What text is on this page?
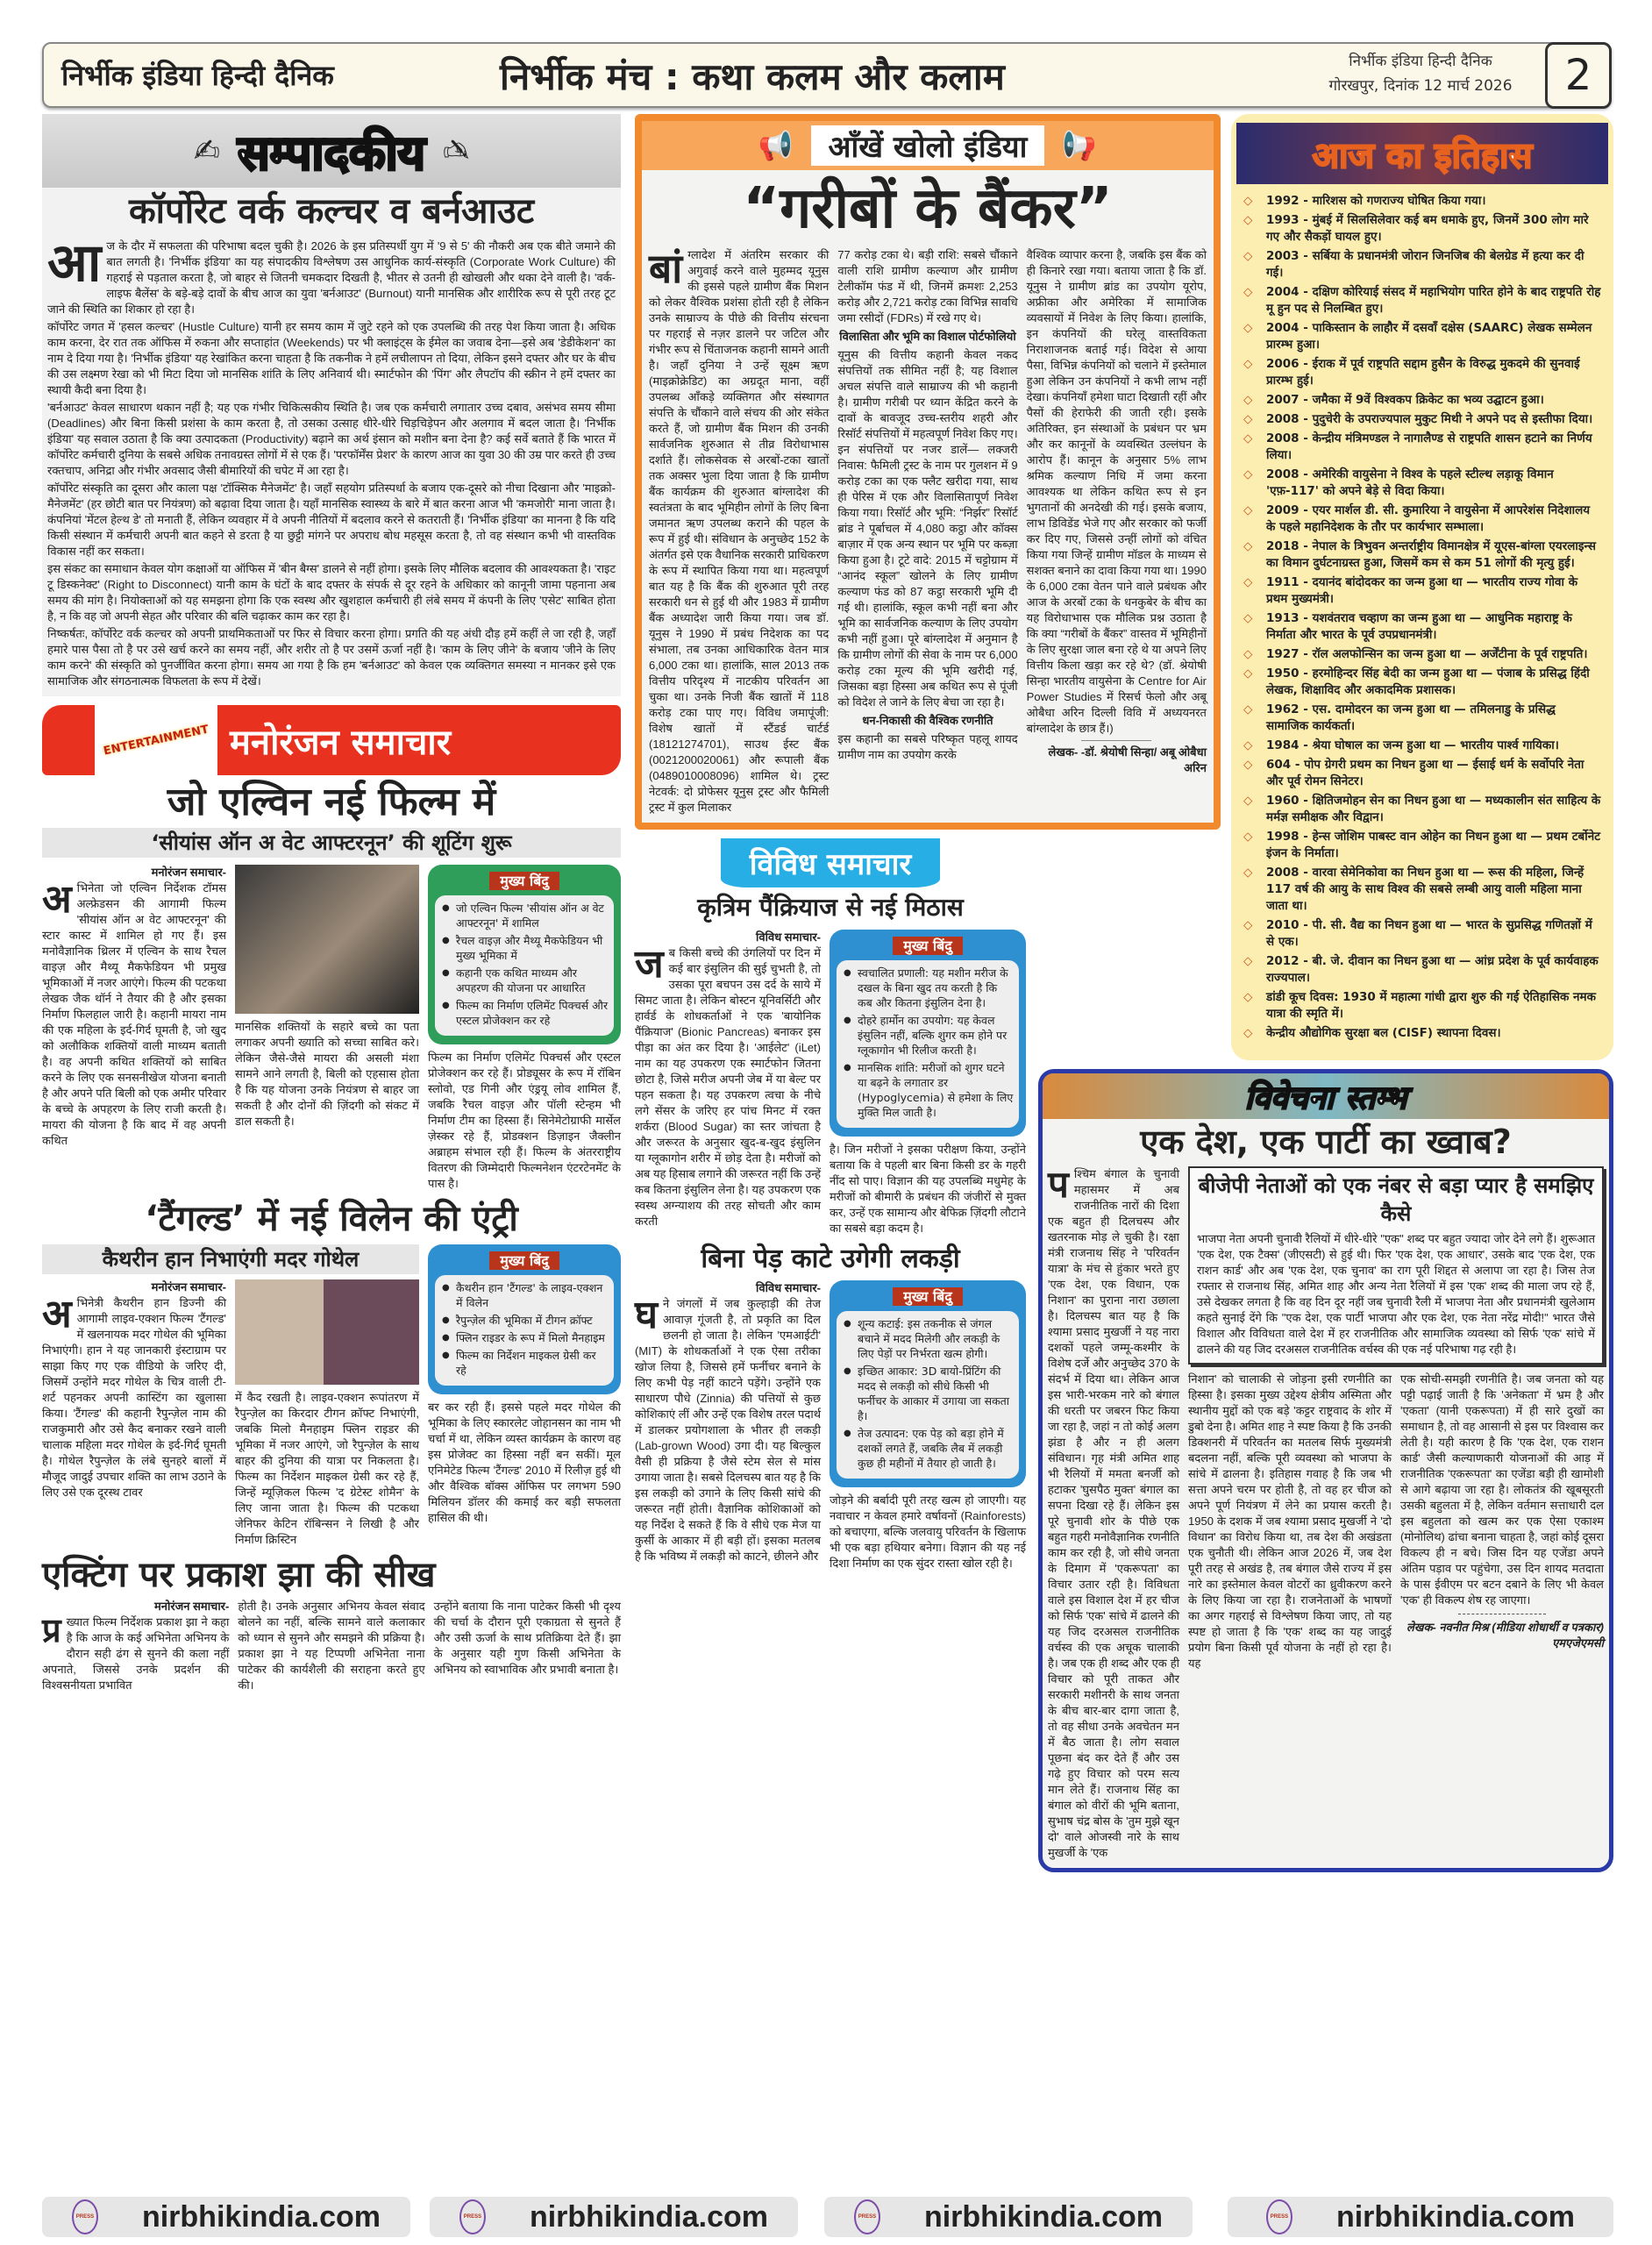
निर्भीक इंडिया हिन्दी दैनिक	निर्भीक मंच : कथा कलम और कलाम	निर्भीक इंडिया हिन्दी दैनिक
गोरखपुर, दिनांक 12 मार्च 2026	2
✍ सम्पादकीय ✍
कॉर्पोरेट वर्क कल्चर व बर्नआउट
आ ज के दौर में सफलता की परिभाषा बदल चुकी है। 2026 के इस प्रतिस्पर्धी युग में '9 से 5' की नौकरी अब एक बीते जमाने की बात लगती है। 'निर्भीक इंडिया' का यह संपादकीय विश्लेषण उस आधुनिक कार्य-संस्कृति (Corporate Work Culture) की गहराई से पड़ताल करता है, जो बाहर से जितनी चमकदार दिखती है, भीतर से उतनी ही खोखली और थका देने वाली है। 'वर्क-लाइफ बैलेंस' के बड़े-बड़े दावों के बीच आज का युवा 'बर्नआउट' (Burnout) यानी मानसिक और शारीरिक रूप से पूरी तरह टूट जाने की स्थिति का शिकार हो रहा है।

कॉर्पोरेट जगत में 'हसल कल्चर' (Hustle Culture) यानी हर समय काम में जुटे रहने को एक उपलब्धि की तरह पेश किया जाता है। अधिक काम करना, देर रात तक ऑफिस में रुकना और सप्ताहांत (Weekends) पर भी क्लाइंट्स के ईमेल का जवाब देना—इसे अब 'डेडीकेशन' का नाम दे दिया गया है। 'निर्भीक इंडिया' यह रेखांकित करना चाहता है कि तकनीक ने हमें लचीलापन तो दिया, लेकिन इसने दफ्तर और घर के बीच की उस लक्ष्मण रेखा को भी मिटा दिया जो मानसिक शांति के लिए अनिवार्य थी। स्मार्टफोन की 'पिंग' और लैपटॉप की स्क्रीन ने हमें दफ्तर का स्थायी कैदी बना दिया है।

'बर्नआउट' केवल साधारण थकान नहीं है; यह एक गंभीर चिकित्सकीय स्थिति है। जब एक कर्मचारी लगातार उच्च दबाव, असंभव समय सीमा (Deadlines) और बिना किसी प्रशंसा के काम करता है, तो उसका उत्साह धीरे-धीरे चिड़चिड़ेपन और अलगाव में बदल जाता है। 'निर्भीक इंडिया' यह सवाल उठाता है कि क्या उत्पादकता (Productivity) बढ़ाने का अर्थ इंसान को मशीन बना देना है? कई सर्वे बताते हैं कि भारत में कॉर्पोरेट कर्मचारी दुनिया के सबसे अधिक तनावग्रस्त लोगों में से एक हैं। 'परफॉर्मेंस प्रेशर' के कारण आज का युवा 30 की उम्र पार करते ही उच्च रक्तचाप, अनिद्रा और गंभीर अवसाद जैसी बीमारियों की चपेट में आ रहा है।

कॉर्पोरेट संस्कृति का दूसरा और काला पक्ष 'टॉक्सिक मैनेजमेंट' है। जहाँ सहयोग प्रतिस्पर्धा के बजाय एक-दूसरे को नीचा दिखाना और 'माइक्रो-मैनेजमेंट' (हर छोटी बात पर नियंत्रण) को बढ़ावा दिया जाता है। यहाँ मानसिक स्वास्थ्य के बारे में बात करना आज भी 'कमजोरी' माना जाता है। कंपनियां 'मेंटल हेल्थ डे' तो मनाती हैं, लेकिन व्यवहार में वे अपनी नीतियों में बदलाव करने से कतराती हैं। 'निर्भीक इंडिया' का मानना है कि यदि किसी संस्थान में कर्मचारी अपनी बात कहने से डरता है या छुट्टी मांगने पर अपराध बोध महसूस करता है, तो वह संस्थान कभी भी वास्तविक विकास नहीं कर सकता।

इस संकट का समाधान केवल योग कक्षाओं या ऑफिस में 'बीन बैग्स' डालने से नहीं होगा। इसके लिए मौलिक बदलाव की आवश्यकता है। 'राइट टू डिस्कनेक्ट' (Right to Disconnect) यानी काम के घंटों के बाद दफ्तर के संपर्क से दूर रहने के अधिकार को कानूनी जामा पहनाना अब समय की मांग है। नियोक्ताओं को यह समझना होगा कि एक स्वस्थ और खुशहाल कर्मचारी ही लंबे समय में कंपनी के लिए 'एसेट' साबित होता है, न कि वह जो अपनी सेहत और परिवार की बलि चढ़ाकर काम कर रहा है।

निष्कर्षतः, कॉर्पोरेट वर्क कल्चर को अपनी प्राथमिकताओं पर फिर से विचार करना होगा। प्रगति की यह अंधी दौड़ हमें कहीं ले जा रही है, जहाँ हमारे पास पैसा तो है पर उसे खर्च करने का समय नहीं, और शरीर तो है पर उसमें ऊर्जा नहीं है। 'काम के लिए जीने' के बजाय 'जीने के लिए काम करने' की संस्कृति को पुनर्जीवित करना होगा। समय आ गया है कि हम 'बर्नआउट' को केवल एक व्यक्तिगत समस्या न मानकर इसे एक सामाजिक और संगठनात्मक विफलता के रूप में देखें।

📢	आँखें खोलो इंडिया	📢
“गरीबों के बैंकर”
बां ग्लादेश में अंतरिम सरकार की अगुवाई करने वाले मुहम्मद यूनुस की इससे पहले ग्रामीण बैंक मिशन को लेकर वैश्विक प्रशंसा होती रही है लेकिन उनके साम्राज्य के पीछे की वित्तीय संरचना पर गहराई से नज़र डालने पर जटिल और गंभीर रूप से चिंताजनक कहानी सामने आती है। जहाँ दुनिया ने उन्हें सूक्ष्म ऋण (माइक्रोक्रेडिट) का अग्रदूत माना, वहीं उपलब्ध आँकड़े व्यक्तिगत और संस्थागत संपत्ति के चौंकाने वाले संचय की ओर संकेत करते हैं, जो ग्रामीण बैंक मिशन की उनकी सार्वजनिक शुरुआत से तीव्र विरोधाभास दर्शाते हैं। लोकसेवक से अरबों-टका खातों तक अक्सर भुला दिया जाता है कि ग्रामीण बैंक कार्यक्रम की शुरुआत बांग्लादेश की स्वतंत्रता के बाद भूमिहीन लोगों के लिए बिना जमानत ऋण उपलब्ध कराने की पहल के रूप में हुई थी। संविधान के अनुच्छेद 152 के अंतर्गत इसे एक वैधानिक सरकारी प्राधिकरण के रूप में स्थापित किया गया था। महत्वपूर्ण बात यह है कि बैंक की शुरुआत पूरी तरह सरकारी धन से हुई थी और 1983 में ग्रामीण बैंक अध्यादेश जारी किया गया। जब डॉ. यूनुस ने 1990 में प्रबंध निदेशक का पद संभाला, तब उनका आधिकारिक वेतन मात्र 6,000 टका था। हालांकि, साल 2013 तक वित्तीय परिदृश्य में नाटकीय परिवर्तन आ चुका था। उनके निजी बैंक खातों में 118 करोड़ टका पाए गए। विविध जमापूंजी: विशेष खातों में स्टैंडर्ड चार्टर्ड (18121274701), साउथ ईस्ट बैंक (0021200020061) और रूपाली बैंक (0489010008096) शामिल थे। ट्रस्ट नेटवर्क: दो प्रोफेसर यूनुस ट्रस्ट और फैमिली ट्रस्ट में कुल मिलाकर

77 करोड़ टका थे। बड़ी राशि: सबसे चौंकाने वाली राशि ग्रामीण कल्याण और ग्रामीण टेलीकॉम फंड में थी, जिनमें क्रमशः 2,253 करोड़ और 2,721 करोड़ टका विभिन्न सावधि जमा रसीदों (FDRs) में रखे गए थे।

विलासिता और भूमि का विशाल पोर्टफोलियो

यूनुस की वित्तीय कहानी केवल नकद संपत्तियों तक सीमित नहीं है; यह विशाल अचल संपत्ति वाले साम्राज्य की भी कहानी है। ग्रामीण गरीबी पर ध्यान केंद्रित करने के दावों के बावजूद उच्च-स्तरीय शहरी और रिसॉर्ट संपत्तियों में महत्वपूर्ण निवेश किए गए। इन संपत्तियों पर नजर डालें— लक्जरी निवास: फैमिली ट्रस्ट के नाम पर गुलशन में 9 करोड़ टका का एक फ्लैट खरीदा गया, साथ ही पेरिस में एक और विलासितापूर्ण निवेश किया गया। रिसॉर्ट और भूमि: “निर्झर” रिसॉर्ट ब्रांड ने पूर्बाचल में 4,080 कट्ठा और कॉक्स बाज़ार में एक अन्य स्थान पर भूमि पर कब्ज़ा किया हुआ है। टूटे वादे: 2015 में चट्टोग्राम में “आनंद स्कूल” खोलने के लिए ग्रामीण कल्याण फंड को 87 कट्ठा सरकारी भूमि दी गई थी। हालांकि, स्कूल कभी नहीं बना और भूमि का सार्वजनिक कल्याण के लिए उपयोग कभी नहीं हुआ। पूरे बांग्लादेश में अनुमान है कि ग्रामीण लोगों की सेवा के नाम पर 6,000 करोड़ टका मूल्य की भूमि खरीदी गई, जिसका बड़ा हिस्सा अब कथित रूप से पूंजी को विदेश ले जाने के लिए बेचा जा रहा है।

धन-निकासी की वैश्विक रणनीति

इस कहानी का सबसे परिष्कृत पहलू शायद ग्रामीण नाम का उपयोग करके

वैश्विक व्यापार करना है, जबकि इस बैंक को ही किनारे रखा गया। बताया जाता है कि डॉ. यूनुस ने ग्रामीण ब्रांड का उपयोग यूरोप, अफ्रीका और अमेरिका में सामाजिक व्यवसायों में निवेश के लिए किया। हालांकि, इन कंपनियों की घरेलू वास्तविकता निराशाजनक बताई गई। विदेश से आया पैसा, विभिन्न कंपनियों को चलाने में इस्तेमाल हुआ लेकिन उन कंपनियों ने कभी लाभ नहीं देखा। कंपनियाँ हमेशा घाटा दिखाती रहीं और पैसों की हेराफेरी की जाती रही। इसके अतिरिक्त, इन संस्थाओं के प्रबंधन पर भ्रम और कर कानूनों के व्यवस्थित उल्लंघन के आरोप हैं। कानून के अनुसार 5% लाभ श्रमिक कल्याण निधि में जमा करना आवश्यक था लेकिन कथित रूप से इन भुगतानों की अनदेखी की गई। इसके बजाय, लाभ डिविडेंड भेजे गए और सरकार को फर्जी कर दिए गए, जिससे उन्हीं लोगों को वंचित किया गया जिन्हें ग्रामीण मॉडल के माध्यम से सशक्त बनाने का दावा किया गया था। 1990 के 6,000 टका वेतन पाने वाले प्रबंधक और आज के अरबों टका के धनकुबेर के बीच का यह विरोधाभास एक मौलिक प्रश्न उठाता है कि क्या “गरीबों के बैंकर” वास्तव में भूमिहीनों के लिए सुरक्षा जाल बना रहे थे या अपने लिए वित्तीय किला खड़ा कर रहे थे? (डॉ. श्रेयोषी सिन्हा भारतीय वायुसेना के Centre for Air Power Studies में रिसर्च फेलो और अबू ओबैधा अरिन दिल्ली विवि में अध्ययनरत बांग्लादेश के छात्र हैं।)

लेखक- -डॉ. श्रेयोषी सिन्हा/ अबू ओबैधा अरिन
आज का इतिहास
◇ 1992 - मारिशस को गणराज्य घोषित किया गया।
◇ 1993 - मुंबई में सिलसिलेवार कई बम धमाके हुए, जिनमें 300 लोग मारे गए और सैकड़ों घायल हुए।
◇ 2003 - सर्बिया के प्रधानमंत्री जोरान जिनजिब की बेलग्रेड में हत्या कर दी गई।
◇ 2004 - दक्षिण कोरियाई संसद में महाभियोग पारित होने के बाद राष्ट्रपति रोह मू हुन पद से निलम्बित हुए।
◇ 2004 - पाकिस्तान के लाहौर में दसवाँ दक्षेस (SAARC) लेखक सम्मेलन प्रारम्भ हुआ।
◇ 2006 - ईराक में पूर्व राष्ट्रपति सद्दाम हुसैन के विरुद्ध मुकदमे की सुनवाई प्रारम्भ हुई।
◇ 2007 - जमैका में 9वें विश्वकप क्रिकेट का भव्य उद्घाटन हुआ।
◇ 2008 - पुदुचेरी के उपराज्यपाल मुकुट मिथी ने अपने पद से इस्तीफा दिया।
◇ 2008 - केन्द्रीय मंत्रिमण्डल ने नागालैण्ड से राष्ट्रपति शासन हटाने का निर्णय लिया।
◇ 2008 - अमेरिकी वायुसेना ने विश्व के पहले स्टील्थ लड़ाकू विमान 'एफ़-117' को अपने बेड़े से विदा किया।
◇ 2009 - एयर मार्शल डी. सी. कुमारिया ने वायुसेना में आपरेशंस निदेशालय के पहले महानिदेशक के तौर पर कार्यभार सम्भाला।
◇ 2018 - नेपाल के त्रिभुवन अन्तर्राष्ट्रीय विमानक्षेत्र में यूएस-बांग्ला एयरलाइन्स का विमान दुर्घटनाग्रस्त हुआ, जिसमें कम से कम 51 लोगों की मृत्यु हुई।
◇ 1911 - दयानंद बांदोदकर का जन्म हुआ था — भारतीय राज्य गोवा के प्रथम मुख्यमंत्री।
◇ 1913 - यशवंतराव चव्हाण का जन्म हुआ था — आधुनिक महाराष्ट्र के निर्माता और भारत के पूर्व उपप्रधानमंत्री।
◇ 1927 - रॉल अलफोन्सिन का जन्म हुआ था — अर्जेंटीना के पूर्व राष्ट्रपति।
◇ 1950 - हरमोहिन्दर सिंह बेदी का जन्म हुआ था — पंजाब के प्रसिद्ध हिंदी लेखक, शिक्षाविद और अकादमिक प्रशासक।
◇ 1962 - एस. दामोदरन का जन्म हुआ था — तमिलनाडु के प्रसिद्ध सामाजिक कार्यकर्ता।
◇ 1984 - श्रेया घोषाल का जन्म हुआ था — भारतीय पार्श्व गायिका।
◇ 604 - पोप ग्रेगरी प्रथम का निधन हुआ था — ईसाई धर्म के सर्वोपरि नेता और पूर्व रोमन सिनेटर।
◇ 1960 - क्षितिजमोहन सेन का निधन हुआ था — मध्यकालीन संत साहित्य के मर्मज्ञ समीक्षक और विद्वान।
◇ 1998 - हेन्स जोशिम पाबस्ट वान ओहेन का निधन हुआ था — प्रथम टर्बोनेट इंजन के निर्माता।
◇ 2008 - वारवा सेमेनिकोवा का निधन हुआ था — रूस की महिला, जिन्हें 117 वर्ष की आयु के साथ विश्व की सबसे लम्बी आयु वाली महिला माना जाता था।
◇ 2010 - पी. सी. वैद्य का निधन हुआ था — भारत के सुप्रसिद्ध गणितज्ञों में से एक।
◇ 2012 - बी. जे. दीवान का निधन हुआ था — आंध्र प्रदेश के पूर्व कार्यवाहक राज्यपाल।
◇ डांडी कूच दिवस: 1930 में महात्मा गांधी द्वारा शुरु की गई ऐतिहासिक नमक यात्रा की स्मृति में।
◇ केन्द्रीय औद्योगिक सुरक्षा बल (CISF) स्थापना दिवस।
ENTERTAINMENT मनोरंजन समाचार
जो एल्विन नई फिल्म में
‘सीयांस ऑन अ वेट आफ्टरनून’ की शूटिंग शुरू
मनोरंजन समाचार-
अ भिनेता जो एल्विन निर्देशक टॉमस अल्फ्रेडसन की आगामी फिल्म 'सीयांस ऑन अ वेट आफ्टरनून' की स्टार कास्ट में शामिल हो गए हैं। इस मनोवैज्ञानिक थ्रिलर में एल्विन के साथ रैचल वाइज़ और मैथ्यू मैकफेडियन भी प्रमुख भूमिकाओं में नजर आएंगे। फिल्म की पटकथा लेखक जैक थॉर्न ने तैयार की है और इसका निर्माण फिलहाल जारी है। कहानी मायरा नाम की एक महिला के इर्द-गिर्द घूमती है, जो खुद को अलौकिक शक्तियों वाली माध्यम बताती है। वह अपनी कथित शक्तियों को साबित करने के लिए एक सनसनीखेज योजना बनाती है और अपने पति बिली को एक अमीर परिवार के बच्चे के अपहरण के लिए राजी करती है। मायरा की योजना है कि बाद में वह अपनी कथित
मानसिक शक्तियों के सहारे बच्चे का पता लगाकर अपनी ख्याति को सच्चा साबित करे। लेकिन जैसे-जैसे मायरा की असली मंशा सामने आने लगती है, बिली को एहसास होता है कि यह योजना उनके नियंत्रण से बाहर जा सकती है और दोनों की ज़िंदगी को संकट में डाल सकती है।
मुख्य बिंदु
● जो एल्विन फिल्म 'सीयांस ऑन अ वेट आफ्टरनून' में शामिल
● रैचल वाइज़ और मैथ्यू मैकफेडियन भी मुख्य भूमिका में
● कहानी एक कथित माध्यम और अपहरण की योजना पर आधारित
● फिल्म का निर्माण एलिमेंट पिक्चर्स और एस्टल प्रोजेक्शन कर रहे
फिल्म का निर्माण एलिमेंट पिक्चर्स और एस्टल प्रोजेक्शन कर रहे हैं। प्रोड्यूसर के रूप में रॉबिन स्लोवो, एड गिनी और एंड्रयू लोव शामिल हैं, जबकि रैचल वाइज़ और पॉली स्टेन्हम भी निर्माण टीम का हिस्सा हैं। सिनेमेटोग्राफी मार्सेल ज़ेस्कर रहे हैं, प्रोडक्शन डिज़ाइन जैक्लीन अब्राहम संभाल रही हैं। फिल्म के अंतरराष्ट्रीय वितरण की जिम्मेदारी फिल्मनेशन एंटरटेनमेंट के पास है।
‘टैंगल्ड’ में नई विलेन की एंट्री
कैथरीन हान निभाएंगी मदर गोथेल
मनोरंजन समाचार-
अ भिनेत्री कैथरीन हान डिज्नी की आगामी लाइव-एक्शन फिल्म 'टैंगल्ड' में खलनायक मदर गोथेल की भूमिका निभाएंगी। हान ने यह जानकारी इंस्टाग्राम पर साझा किए गए एक वीडियो के जरिए दी, जिसमें उन्होंने मदर गोथेल के चित्र वाली टी-शर्ट पहनकर अपनी कास्टिंग का खुलासा किया। 'टैंगल्ड' की कहानी रैपुन्ज़ेल नाम की राजकुमारी और उसे कैद बनाकर रखने वाली चालाक महिला मदर गोथेल के इर्द-गिर्द घूमती है। गोथेल रैपुन्ज़ेल के लंबे सुनहरे बालों में मौजूद जादुई उपचार शक्ति का लाभ उठाने के लिए उसे एक दूरस्थ टावर
में कैद रखती है। लाइव-एक्शन रूपांतरण में रैपुन्ज़ेल का किरदार टीगन क्रॉफ्ट निभाएंगी, जबकि मिलो मैनहाइम फ्लिन राइडर की भूमिका में नजर आएंगे, जो रैपुन्ज़ेल के साथ बाहर की दुनिया की यात्रा पर निकलता है। फिल्म का निर्देशन माइकल ग्रेसी कर रहे हैं, जिन्हें म्यूज़िकल फिल्म 'द ग्रेटेस्ट शोमैन' के लिए जाना जाता है। फिल्म की पटकथा जेनिफर केटिन रॉबिन्सन ने लिखी है और निर्माण क्रिस्टिन
मुख्य बिंदु
● कैथरीन हान 'टैंगल्ड' के लाइव-एक्शन में विलेन
● रैपुन्ज़ेल की भूमिका में टीगन क्रॉफ्ट
● फ्लिन राइडर के रूप में मिलो मैनहाइम
● फिल्म का निर्देशन माइकल ग्रेसी कर रहे
बर कर रही हैं। इससे पहले मदर गोथेल की भूमिका के लिए स्कारलेट जोहानसन का नाम भी चर्चा में था, लेकिन व्यस्त कार्यक्रम के कारण वह इस प्रोजेक्ट का हिस्सा नहीं बन सकीं। मूल एनिमेटेड फिल्म 'टैंगल्ड' 2010 में रिलीज़ हुई थी और वैश्विक बॉक्स ऑफिस पर लगभग 590 मिलियन डॉलर की कमाई कर बड़ी सफलता हासिल की थी।
एक्टिंग पर प्रकाश झा की सीख
मनोरंजन समाचार-
प्र ख्यात फिल्म निर्देशक प्रकाश झा ने कहा है कि आज के कई अभिनेता अभिनय के दौरान सही ढंग से सुनने की कला नहीं अपनाते, जिससे उनके प्रदर्शन की विश्वसनीयता प्रभावित
होती है। उनके अनुसार अभिनय केवल संवाद बोलने का नहीं, बल्कि सामने वाले कलाकार को ध्यान से सुनने और समझने की प्रक्रिया है। प्रकाश झा ने यह टिप्पणी अभिनेता नाना पाटेकर की कार्यशैली की सराहना करते हुए की।
उन्होंने बताया कि नाना पाटेकर किसी भी दृश्य की चर्चा के दौरान पूरी एकाग्रता से सुनते हैं और उसी ऊर्जा के साथ प्रतिक्रिया देते हैं। झा के अनुसार यही गुण किसी अभिनेता के अभिनय को स्वाभाविक और प्रभावी बनाता है।
विविध समाचार
कृत्रिम पैंक्रियाज से नई मिठास
विविध समाचार-
ज ब किसी बच्चे की उंगलियों पर दिन में कई बार इंसुलिन की सुई चुभती है, तो उसका पूरा बचपन उस दर्द के साये में सिमट जाता है। लेकिन बोस्टन यूनिवर्सिटी और हार्वर्ड के शोधकर्ताओं ने एक 'बायोनिक पैंक्रियाज' (Bionic Pancreas) बनाकर इस पीड़ा का अंत कर दिया है। 'आईलेट' (iLet) नाम का यह उपकरण एक स्मार्टफोन जितना छोटा है, जिसे मरीज अपनी जेब में या बेल्ट पर पहन सकता है। यह उपकरण त्वचा के नीचे लगे सेंसर के जरिए हर पांच मिनट में रक्त शर्करा (Blood Sugar) का स्तर जांचता है और जरूरत के अनुसार खुद-ब-खुद इंसुलिन या ग्लूकागोन शरीर में छोड़ देता है। मरीजों को अब यह हिसाब लगाने की जरूरत नहीं कि उन्हें कब कितना इंसुलिन लेना है। यह उपकरण एक स्वस्थ अग्न्याशय की तरह सोचती और काम करती
मुख्य बिंदु
● स्वचालित प्रणाली: यह मशीन मरीज के दखल के बिना खुद तय करती है कि कब और कितना इंसुलिन देना है।
● दोहरे हार्मोन का उपयोग: यह केवल इंसुलिन नहीं, बल्कि शुगर कम होने पर ग्लूकागोन भी रिलीज करती है।
● मानसिक शांति: मरीजों को शुगर घटने या बढ़ने के लगातार डर (Hypoglycemia) से हमेशा के लिए मुक्ति मिल जाती है।
है। जिन मरीजों ने इसका परीक्षण किया, उन्होंने बताया कि वे पहली बार बिना किसी डर के गहरी नींद सो पाए। विज्ञान की यह उपलब्धि मधुमेह के मरीजों को बीमारी के प्रबंधन की जंजीरों से मुक्त कर, उन्हें एक सामान्य और बेफिक्र ज़िंदगी लौटाने का सबसे बड़ा कदम है।
बिना पेड़ काटे उगेगी लकड़ी
विविध समाचार-
घ ने जंगलों में जब कुल्हाड़ी की तेज आवाज़ गूंजती है, तो प्रकृति का दिल छलनी हो जाता है। लेकिन 'एमआईटी' (MIT) के शोधकर्ताओं ने एक ऐसा तरीका खोज लिया है, जिससे हमें फर्नीचर बनाने के लिए कभी पेड़ नहीं काटने पड़ेंगे। उन्होंने एक साधारण पौधे (Zinnia) की पत्तियों से कुछ कोशिकाएं लीं और उन्हें एक विशेष तरल पदार्थ में डालकर प्रयोगशाला के भीतर ही लकड़ी (Lab-grown Wood) उगा दी। यह बिल्कुल वैसी ही प्रक्रिया है जैसे स्टेम सेल से मांस उगाया जाता है। सबसे दिलचस्प बात यह है कि इस लकड़ी को उगाने के लिए किसी सांचे की जरूरत नहीं होती। वैज्ञानिक कोशिकाओं को यह निर्देश दे सकते हैं कि वे सीधे एक मेज या कुर्सी के आकार में ही बड़ी हों। इसका मतलब है कि भविष्य में लकड़ी को काटने, छीलने और
मुख्य बिंदु
● शून्य कटाई: इस तकनीक से जंगल बचाने में मदद मिलेगी और लकड़ी के लिए पेड़ों पर निर्भरता खत्म होगी।
● इच्छित आकार: 3D बायो-प्रिंटिंग की मदद से लकड़ी को सीधे किसी भी फर्नीचर के आकार में उगाया जा सकता है।
● तेज उत्पादन: एक पेड़ को बड़ा होने में दशकों लगते हैं, जबकि लैब में लकड़ी कुछ ही महीनों में तैयार हो जाती है।
जोड़ने की बर्बादी पूरी तरह खत्म हो जाएगी। यह नवाचार न केवल हमारे वर्षावनों (Rainforests) को बचाएगा, बल्कि जलवायु परिवर्तन के खिलाफ भी एक बड़ा हथियार बनेगा। विज्ञान की यह नई दिशा निर्माण का एक सुंदर रास्ता खोल रही है।
विवेचना स्तम्भ
एक देश, एक पार्टी का ख्वाब?
प श्चिम बंगाल के चुनावी महासमर में अब राजनीतिक नारों की दिशा एक बहुत ही दिलचस्प और खतरनाक मोड़ ले चुकी है। रक्षा मंत्री राजनाथ सिंह ने 'परिवर्तन यात्रा' के मंच से हुंकार भरते हुए 'एक देश, एक विधान, एक निशान' का पुराना नारा उछाला है। दिलचस्प बात यह है कि श्यामा प्रसाद मुखर्जी ने यह नारा दशकों पहले जम्मू-कश्मीर के विशेष दर्जे और अनुच्छेद 370 के संदर्भ में दिया था। लेकिन आज इस भारी-भरकम नारे को बंगाल की धरती पर जबरन फिट किया जा रहा है, जहां न तो कोई अलग झंडा है और न ही अलग संविधान। गृह मंत्री अमित शाह भी रैलियों में ममता बनर्जी को हटाकर 'घुसपैठ मुक्त' बंगाल का सपना दिखा रहे हैं। लेकिन इस पूरे चुनावी शोर के पीछे एक बहुत गहरी मनोवैज्ञानिक रणनीति काम कर रही है, जो सीधे जनता के दिमाग में 'एकरूपता' का विचार उतार रही है। विविधता वाले इस विशाल देश में हर चीज को सिर्फ 'एक' सांचे में ढालने की यह जिद दरअसल राजनीतिक वर्चस्व की एक अचूक चालाकी है। जब एक ही शब्द और एक ही विचार को पूरी ताकत और सरकारी मशीनरी के साथ जनता के बीच बार-बार दागा जाता है, तो वह सीधा उनके अवचेतन मन में बैठ जाता है। लोग सवाल पूछना बंद कर देते हैं और उस गढ़े हुए विचार को परम सत्य मान लेते हैं। राजनाथ सिंह का बंगाल को वीरों की भूमि बताना, सुभाष चंद्र बोस के 'तुम मुझे खून दो' वाले ओजस्वी नारे के साथ मुखर्जी के 'एक
बीजेपी नेताओं को एक नंबर से बड़ा प्यार है समझिए कैसे
भाजपा नेता अपनी चुनावी रैलियों में धीरे-धीरे "एक" शब्द पर बहुत ज्यादा जोर देने लगे हैं। शुरूआत 'एक देश, एक टैक्स' (जीएसटी) से हुई थी। फिर 'एक देश, एक आधार', उसके बाद 'एक देश, एक राशन कार्ड' और अब 'एक देश, एक चुनाव' का राग पूरी शिद्दत से अलापा जा रहा है। जिस तेज रफ्तार से राजनाथ सिंह, अमित शाह और अन्य नेता रैलियों में इस 'एक' शब्द की माला जप रहे हैं, उसे देखकर लगता है कि वह दिन दूर नहीं जब चुनावी रैली में भाजपा नेता और प्रधानमंत्री खुलेआम कहते सुनाई देंगे कि "एक देश, एक पार्टी भाजपा और एक देश, एक नेता नरेंद्र मोदी!" भारत जैसे विशाल और विविधता वाले देश में हर राजनीतिक और सामाजिक व्यवस्था को सिर्फ 'एक' सांचे में ढालने की यह जिद दरअसल राजनीतिक वर्चस्व की एक नई परिभाषा गढ़ रही है।
निशान' को चालाकी से जोड़ना इसी रणनीति का हिस्सा है। इसका मुख्य उद्देश्य क्षेत्रीय अस्मिता और स्थानीय मुद्दों को एक बड़े 'कट्टर राष्ट्रवाद के शोर में डुबो देना है। अमित शाह ने स्पष्ट किया है कि उनकी डिक्शनरी में परिवर्तन का मतलब सिर्फ मुख्यमंत्री बदलना नहीं, बल्कि पूरी व्यवस्था को भाजपा के सांचे में ढालना है। इतिहास गवाह है कि जब भी सत्ता अपने चरम पर होती है, तो वह हर चीज को अपने पूर्ण नियंत्रण में लेने का प्रयास करती है। 1950 के दशक में जब श्यामा प्रसाद मुखर्जी ने 'दो विधान' का विरोध किया था, तब देश की अखंडता एक चुनौती थी। लेकिन आज 2026 में, जब देश पूरी तरह से अखंड है, तब बंगाल जैसे राज्य में इस नारे का इस्तेमाल केवल वोटरों का ध्रुवीकरण करने के लिए किया जा रहा है। राजनेताओं के भाषणों का अगर गहराई से विश्लेषण किया जाए, तो यह स्पष्ट हो जाता है कि 'एक' शब्द का यह जादुई प्रयोग बिना किसी पूर्व योजना के नहीं हो रहा है। यह

एक सोची-समझी रणनीति है। जब जनता को यह पट्टी पढ़ाई जाती है कि 'अनेकता' में भ्रम है और 'एकता' (यानी एकरूपता) में ही सारे दुखों का समाधान है, तो वह आसानी से इस पर विश्वास कर लेती है। यही कारण है कि 'एक देश, एक राशन कार्ड' जैसी कल्याणकारी योजनाओं की आड़ में राजनीतिक 'एकरूपता' का एजेंडा बड़ी ही खामोशी से आगे बढ़ाया जा रहा है। लोकतंत्र की खूबसूरती उसकी बहुलता में है, लेकिन वर्तमान सत्ताधारी दल इस बहुलता को खत्म कर एक ऐसा एकाश्म (मोनोलिथ) ढांचा बनाना चाहता है, जहां कोई दूसरा विकल्प ही न बचे। जिस दिन यह एजेंडा अपने अंतिम पड़ाव पर पहुंचेगा, उस दिन शायद मतदाता के पास ईवीएम पर बटन दबाने के लिए भी केवल 'एक' ही विकल्प शेष रह जाएगा।

लेखक- नवनीत मिश्र (मीडिया शोधार्थी व पत्रकार) एमएजेएमसी
PRESS nirbhikindia.com	PRESS nirbhikindia.com	PRESS nirbhikindia.com	PRESS nirbhikindia.com
